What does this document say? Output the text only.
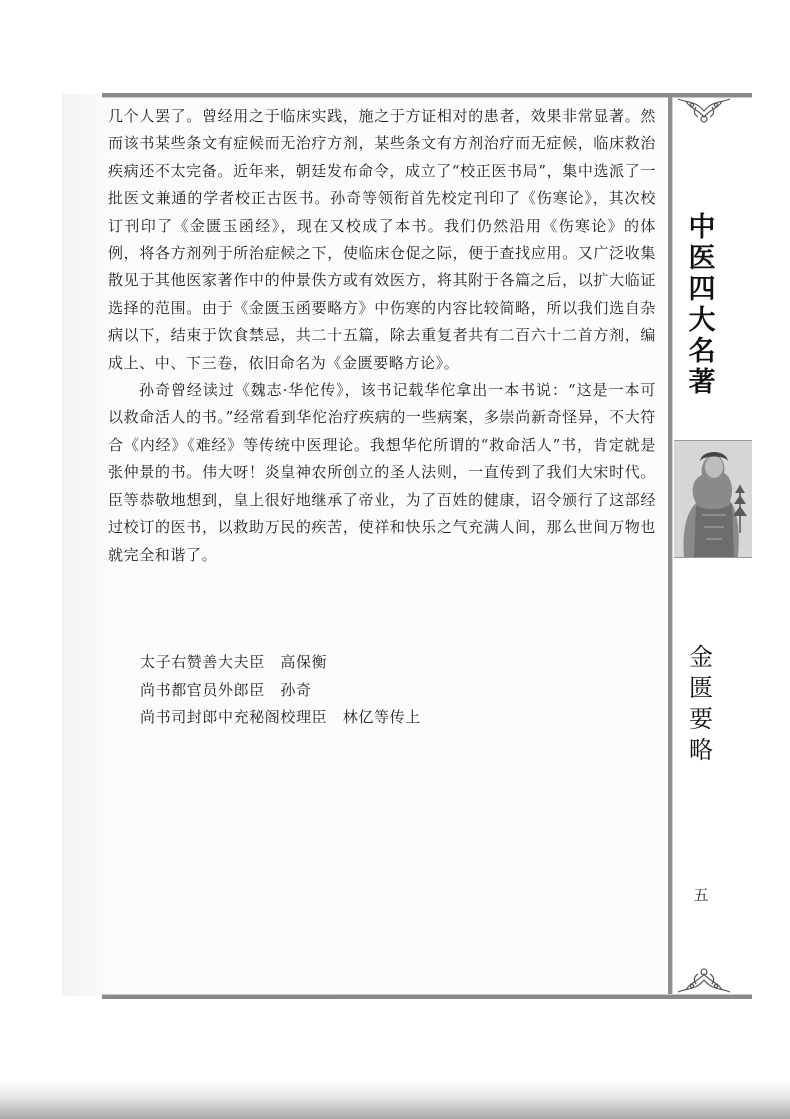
中医四大名著
金匮要略
五

几个人罢了。曾经用之于临床实践，施之于方证相对的患者，效果非常显著。然而该书某些条文有症候而无治疗方剂，某些条文有方剂治疗而无症候，临床救治疾病还不太完备。近年来，朝廷发布命令，成立了“校正医书局”，集中选派了一批医文兼通的学者校正古医书。孙奇等领衔首先校定刊印了《伤寒论》，其次校订刊印了《金匮玉函经》，现在又校成了本书。我们仍然沿用《伤寒论》的体例，将各方剂列于所治症候之下，使临床仓促之际，便于查找应用。又广泛收集散见于其他医家著作中的仲景佚方或有效医方，将其附于各篇之后，以扩大临证选择的范围。由于《金匮玉函要略方》中伤寒的内容比较简略，所以我们选自杂病以下，结束于饮食禁忌，共二十五篇，除去重复者共有二百六十二首方剂，编成上、中、下三卷，依旧命名为《金匮要略方论》。

孙奇曾经读过《魏志·华佗传》，该书记载华佗拿出一本书说：“这是一本可以救命活人的书。”经常看到华佗治疗疾病的一些病案，多崇尚新奇怪异，不大符合《内经》《难经》等传统中医理论。我想华佗所谓的“救命活人”书，肯定就是张仲景的书。伟大呀！炎皇神农所创立的圣人法则，一直传到了我们大宋时代。臣等恭敬地想到，皇上很好地继承了帝业，为了百姓的健康，诏令颁行了这部经过校订的医书，以救助万民的疾苦，使祥和快乐之气充满人间，那么世间万物也就完全和谐了。

太子右赞善大夫臣　高保衡
尚书都官员外郎臣　孙奇
尚书司封郎中充秘阁校理臣　林亿等传上
